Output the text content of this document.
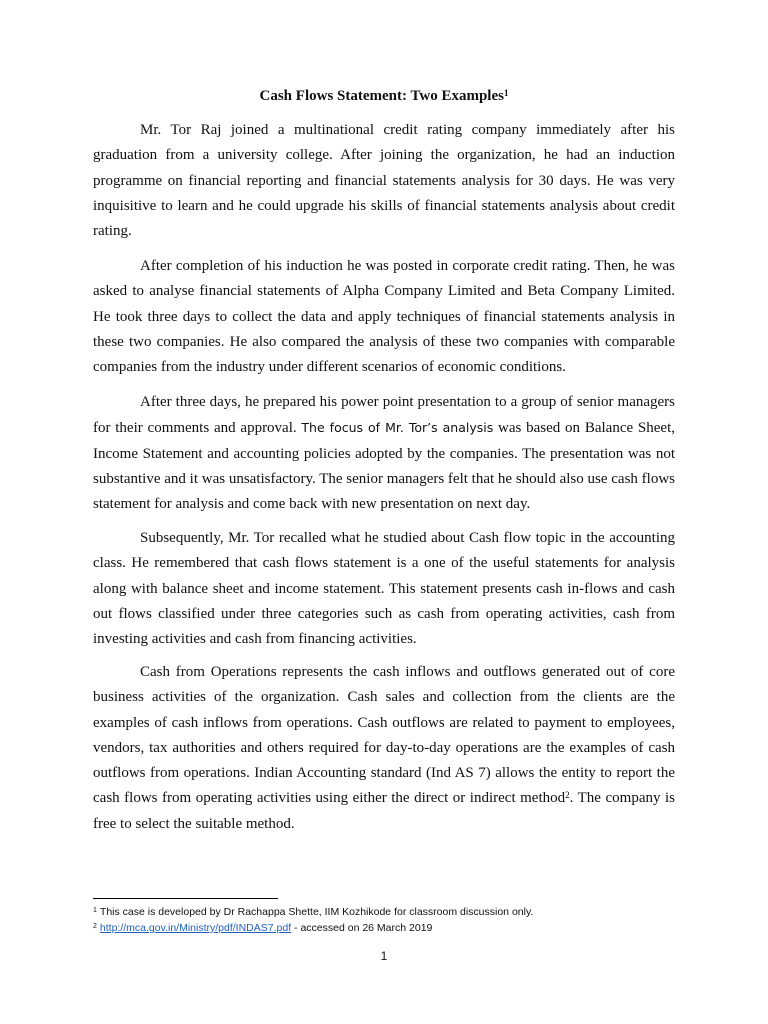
Cash Flows Statement: Two Examples$^1$

Mr. Tor Raj joined a multinational credit rating company immediately after his graduation from a university college. After joining the organization, he had an induction programme on financial reporting and financial statements analysis for 30 days. He was very inquisitive to learn and he could upgrade his skills of financial statements analysis about credit rating.

After completion of his induction he was posted in corporate credit rating. Then, he was asked to analyse financial statements of Alpha Company Limited and Beta Company Limited. He took three days to collect the data and apply techniques of financial statements analysis in these two companies. He also compared the analysis of these two companies with comparable companies from the industry under different scenarios of economic conditions.

After three days, he prepared his power point presentation to a group of senior managers for their comments and approval. The focus of Mr. Tor’s analysis was based on Balance Sheet, Income Statement and accounting policies adopted by the companies. The presentation was not substantive and it was unsatisfactory. The senior managers felt that he should also use cash flows statement for analysis and come back with new presentation on next day.

Subsequently, Mr. Tor recalled what he studied about Cash flow topic in the accounting class. He remembered that cash flows statement is a one of the useful statements for analysis along with balance sheet and income statement. This statement presents cash in-flows and cash out flows classified under three categories such as cash from operating activities, cash from investing activities and cash from financing activities.

Cash from Operations represents the cash inflows and outflows generated out of core business activities of the organization. Cash sales and collection from the clients are the examples of cash inflows from operations. Cash outflows are related to payment to employees, vendors, tax authorities and others required for day-to-day operations are the examples of cash outflows from operations. Indian Accounting standard (Ind AS 7) allows the entity to report the cash flows from operating activities using either the direct or indirect method$^2$. The company is free to select the suitable method.

$^1$ This case is developed by Dr Rachappa Shette, IIM Kozhikode for classroom discussion only.
$^2$ http://mca.gov.in/Ministry/pdf/INDAS7.pdf - accessed on 26 March 2019
1
